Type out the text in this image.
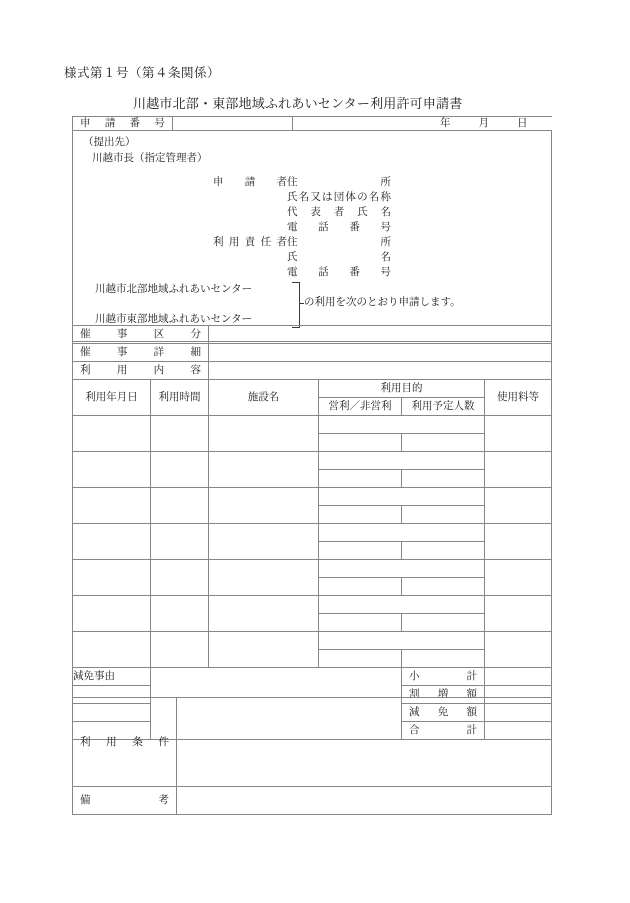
様式第１号（第４条関係）
川越市北部・東部地域ふれあいセンター利用許可申請書
申 請 番 号		年	月	日

（提出先）
川越市長（指定管理者）
申 請 者 住　　　　所
氏名又は団体の名称
代 表 者 氏 名
電 話 番 号
利用責任者 住　　　　所
氏　　　　名
電 話 番 号
川越市北部地域ふれあいセンター
川越市東部地域ふれあいセンター
の利用を次のとおり申請します。
催 事 区 分					

催 事 詳 細					

利 用 内 容					

利用年月日	利用時間	施設名	利用目的		使用料等
			営利／非営利	利用予定人数	

減免事由				小　　　計	

				割 　増 　額	

				減 　免 　額	

				合　　　計	

利 用 条 件	

備　　　　考	
